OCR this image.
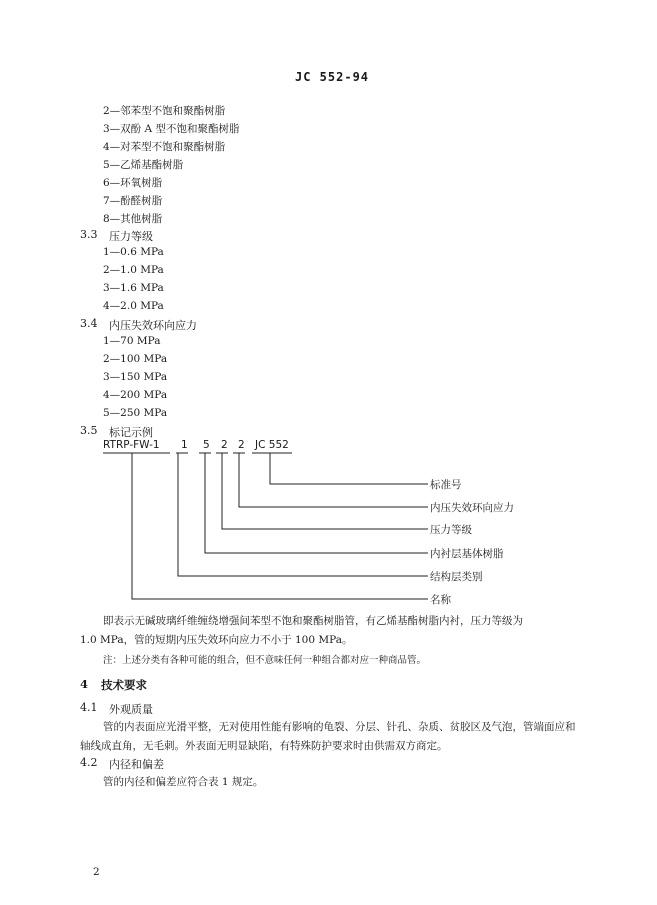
JC 552-94
2—邻苯型不饱和聚酯树脂
3—双酚 A 型不饱和聚酯树脂
4—对苯型不饱和聚酯树脂
5—乙烯基酯树脂
6—环氧树脂
7—酚醛树脂
8—其他树脂
3.3 压力等级
1—0.6 MPa
2—1.0 MPa
3—1.6 MPa
4—2.0 MPa
3.4 内压失效环向应力
1—70 MPa
2—100 MPa
3—150 MPa
4—200 MPa
5—250 MPa
3.5 标记示例
RTRP-FW-1 1 5 2 2 JC 552
标准号
内压失效环向应力
压力等级
内衬层基体树脂
结构层类别
名称
即表示无碱玻璃纤维缠绕增强间苯型不饱和聚酯树脂管，有乙烯基酯树脂内衬，压力等级为
1.0 MPa，管的短期内压失效环向应力不小于 100 MPa。
注：上述分类有各种可能的组合，但不意味任何一种组合都对应一种商品管。
4 技术要求
4.1 外观质量
管的内表面应光滑平整，无对使用性能有影响的龟裂、分层、针孔、杂质、贫胶区及气泡，管端面应和
轴线成直角，无毛刺。外表面无明显缺陷，有特殊防护要求时由供需双方商定。
4.2 内径和偏差
管的内径和偏差应符合表 1 规定。
2
